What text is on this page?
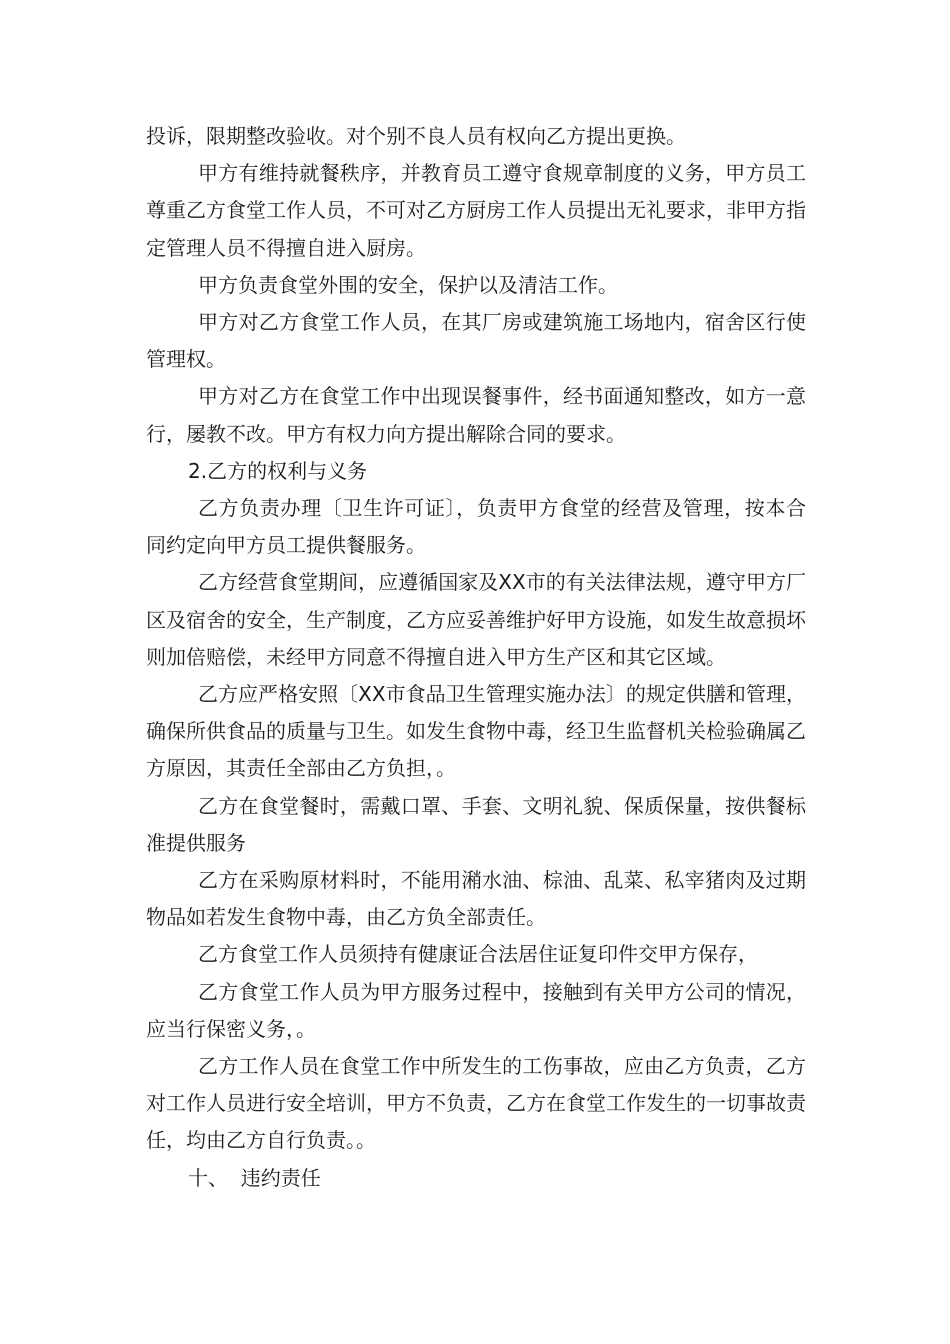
投诉，限期整改验收。对个别不良人员有权向乙方提出更换。

甲方有维持就餐秩序，并教育员工遵守食规章制度的义务，甲方员工尊重乙方食堂工作人员，不可对乙方厨房工作人员提出无礼要求，非甲方指定管理人员不得擅自进入厨房。

甲方负责食堂外围的安全，保护以及清洁工作。

甲方对乙方食堂工作人员，在其厂房或建筑施工场地内，宿舍区行使管理权。

甲方对乙方在食堂工作中出现误餐事件，经书面通知整改，如方一意行，屡教不改。甲方有权力向方提出解除合同的要求。

2.乙方的权利与义务

乙方负责办理〔卫生许可证〕，负责甲方食堂的经营及管理，按本合同约定向甲方员工提供餐服务。

乙方经营食堂期间，应遵循国家及XX市的有关法律法规，遵守甲方厂区及宿舍的安全，生产制度，乙方应妥善维护好甲方设施，如发生故意损坏则加倍赔偿，未经甲方同意不得擅自进入甲方生产区和其它区域。

乙方应严格安照〔XX市食品卫生管理实施办法〕的规定供膳和管理，确保所供食品的质量与卫生。如发生食物中毒，经卫生监督机关检验确属乙方原因，其责任全部由乙方负担，。

乙方在食堂餐时，需戴口罩、手套、文明礼貌、保质保量，按供餐标准提供服务

乙方在采购原材料时，不能用潲水油、棕油、乱菜、私宰猪肉及过期物品如若发生食物中毒，由乙方负全部责任。

乙方食堂工作人员须持有健康证合法居住证复印件交甲方保存，

乙方食堂工作人员为甲方服务过程中，接触到有关甲方公司的情况，应当行保密义务，。

乙方工作人员在食堂工作中所发生的工伤事故，应由乙方负责，乙方对工作人员进行安全培训，甲方不负责，乙方在食堂工作发生的一切事故责任，均由乙方自行负责。。

十、  违约责任
